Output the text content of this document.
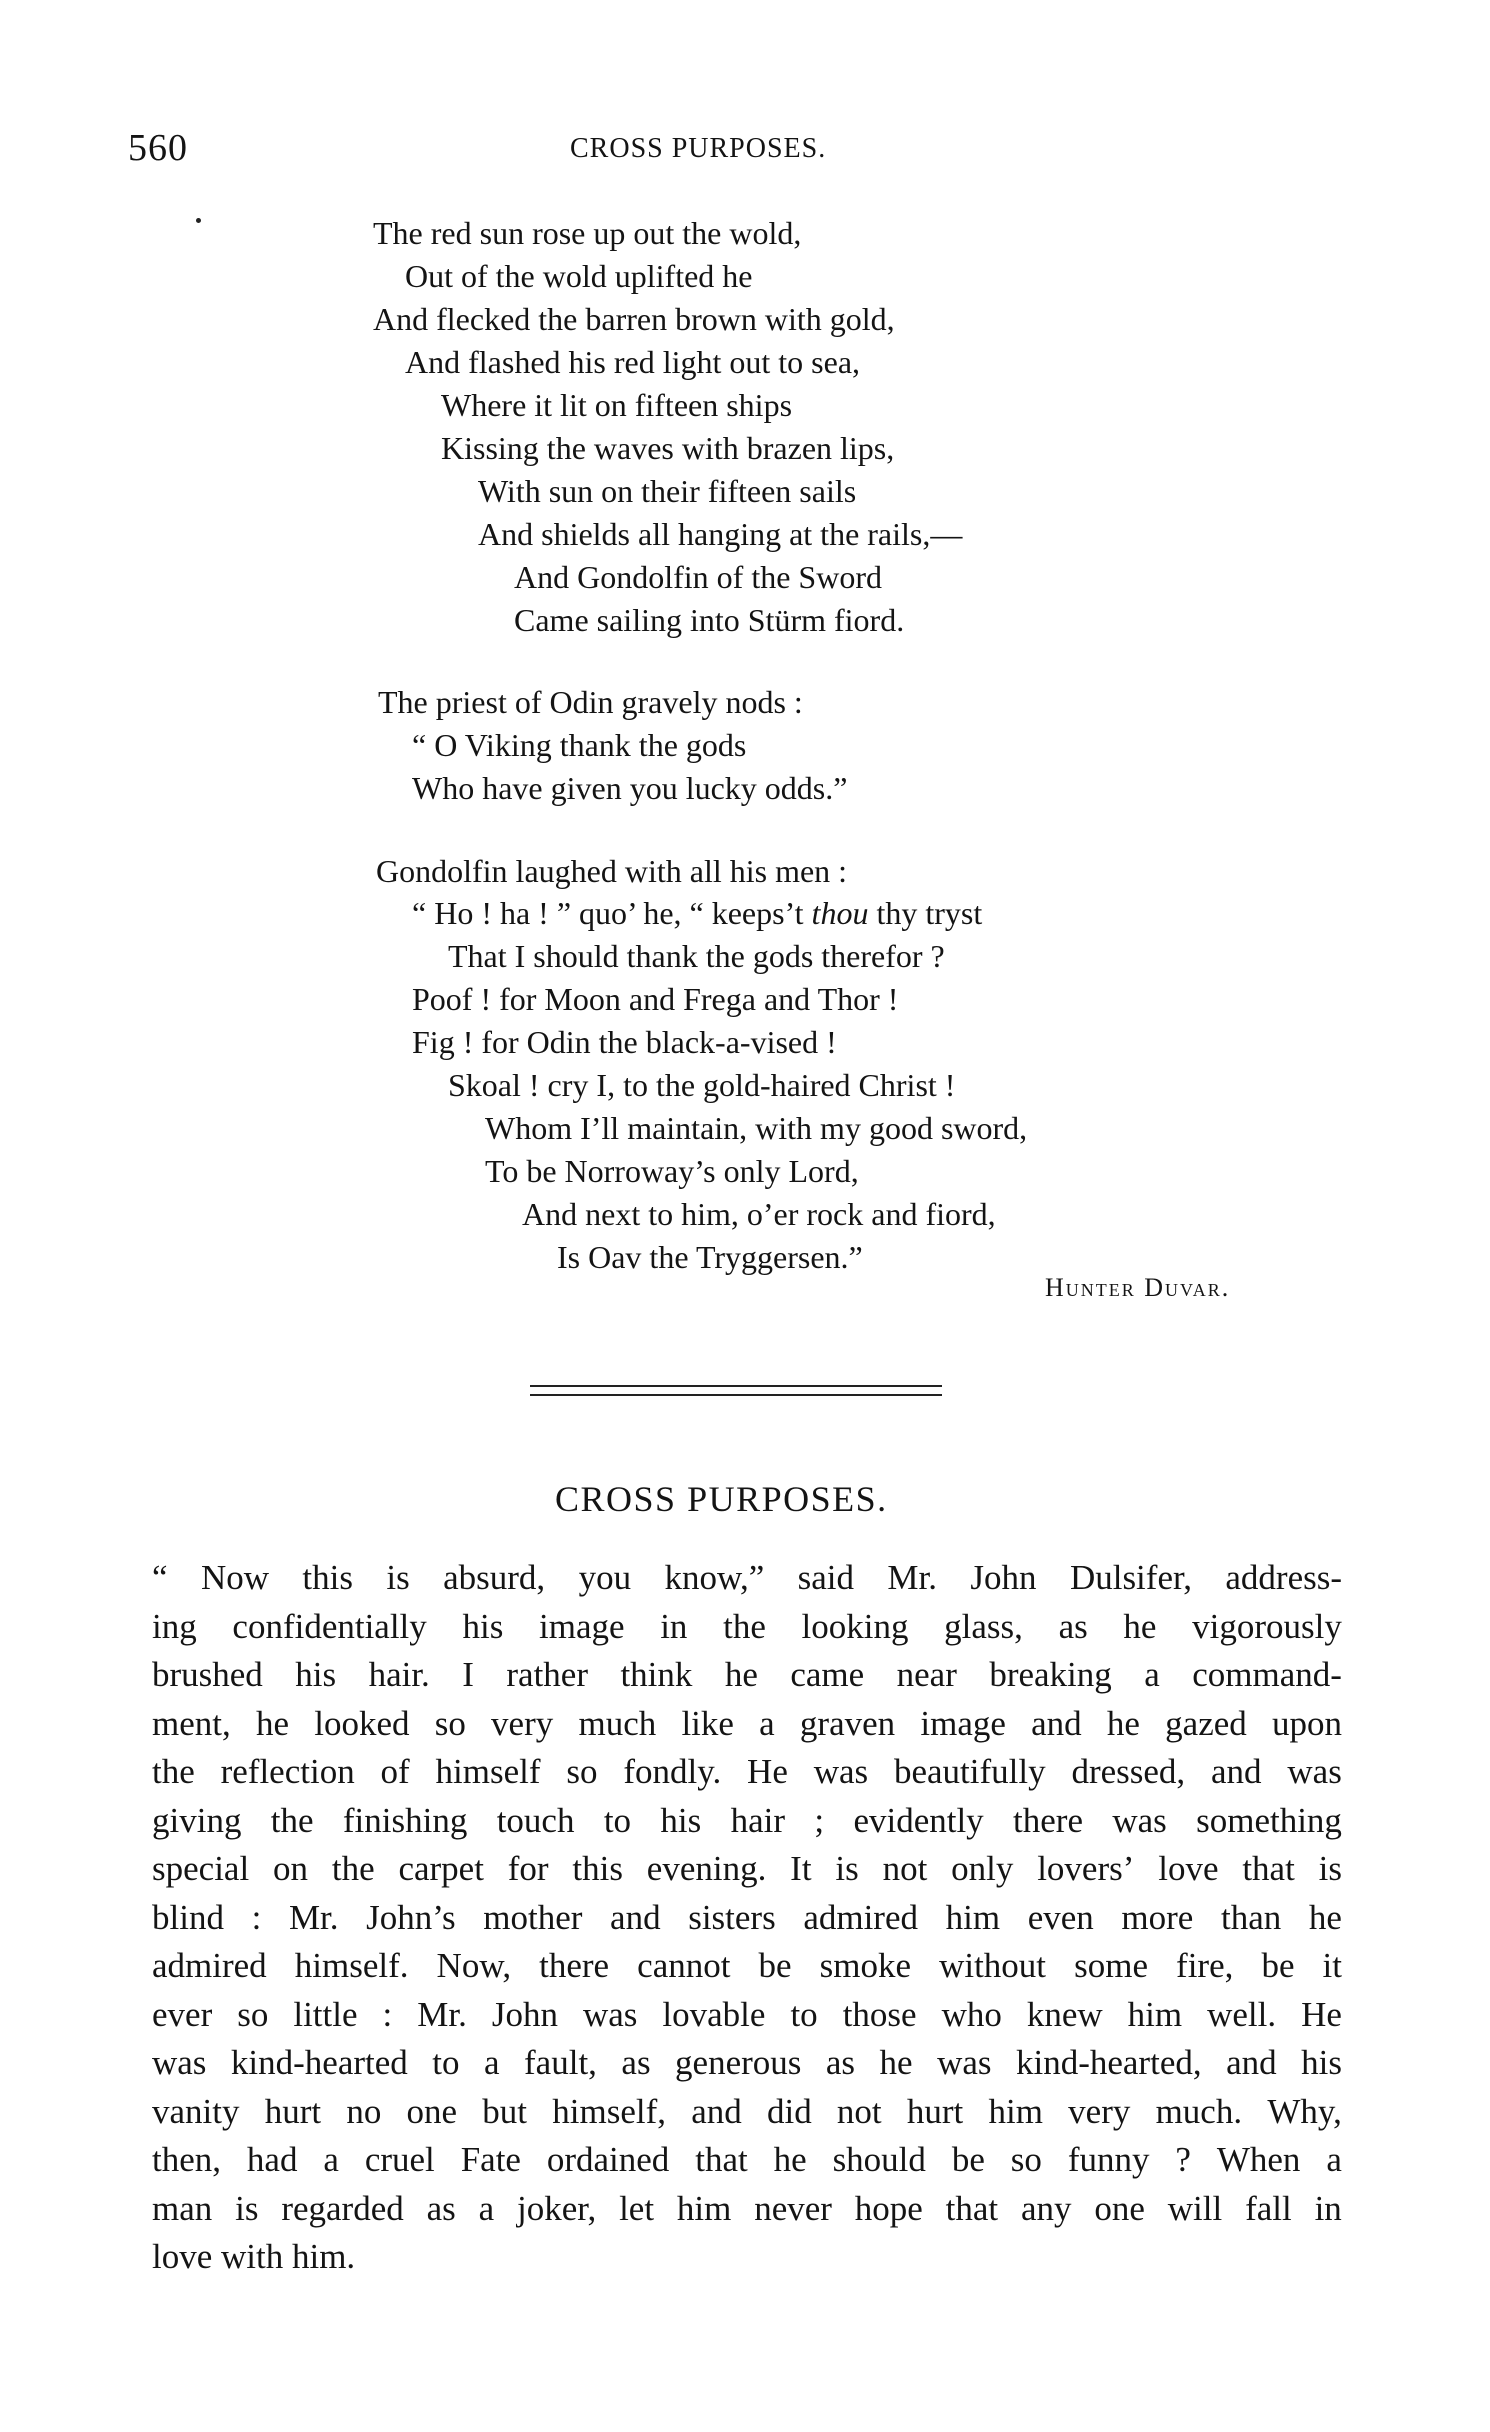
560	CROSS PURPOSES.
The red sun rose up out the wold,
Out of the wold uplifted he
And flecked the barren brown with gold,
And flashed his red light out to sea,
Where it lit on fifteen ships
Kissing the waves with brazen lips,
With sun on their fifteen sails
And shields all hanging at the rails,—
And Gondolfin of the Sword
Came sailing into Stürm fiord.
The priest of Odin gravely nods :
“ O Viking thank the gods
Who have given you lucky odds.”
Gondolfin laughed with all his men :
“ Ho ! ha ! ” quo’ he, “ keeps’t thou thy tryst
That I should thank the gods therefor ?
Poof ! for Moon and Frega and Thor !
Fig ! for Odin the black-a-vised !
Skoal ! cry I, to the gold-haired Christ !
Whom I’ll maintain, with my good sword,
To be Norroway’s only Lord,
And next to him, o’er rock and fiord,
Is Oav the Tryggersen.”
Hunter Duvar.
CROSS PURPOSES.
“ Now this is absurd, you know,” said Mr. John Dulsifer, address-
ing confidentially his image in the looking glass, as he vigorously
brushed his hair. I rather think he came near breaking a command-
ment, he looked so very much like a graven image and he gazed upon
the reflection of himself so fondly. He was beautifully dressed, and was
giving the finishing touch to his hair ; evidently there was something
special on the carpet for this evening. It is not only lovers’ love that is
blind : Mr. John’s mother and sisters admired him even more than he
admired himself. Now, there cannot be smoke without some fire, be it
ever so little : Mr. John was lovable to those who knew him well. He
was kind-hearted to a fault, as generous as he was kind-hearted, and his
vanity hurt no one but himself, and did not hurt him very much. Why,
then, had a cruel Fate ordained that he should be so funny ? When a
man is regarded as a joker, let him never hope that any one will fall in
love with him.
